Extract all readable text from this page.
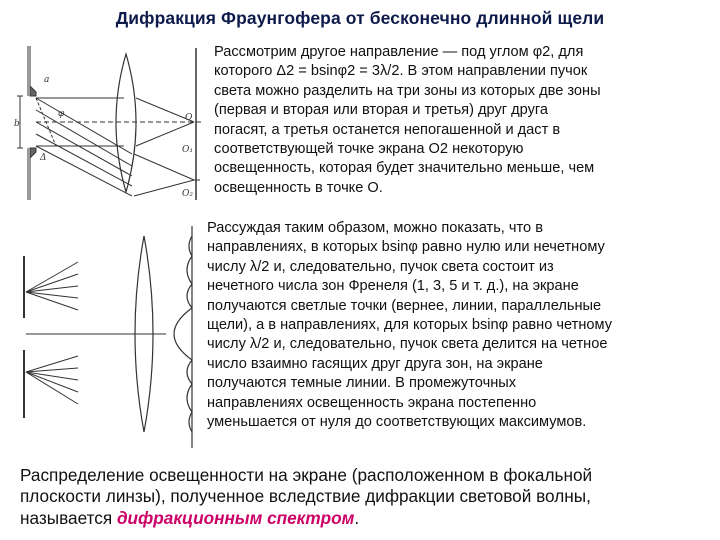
Дифракция Фраунгофера от бесконечно длинной щели
b
a
φ
Δ
O
O₁
O₂
Рассмотрим другое направление — под углом φ2, для
которого Δ2 = bsinφ2 = 3λ/2. В этом направлении пучок
света можно разделить на три зоны из которых две зоны
(первая и вторая или вторая и третья) друг друга
погасят, а третья останется непогашенной и даст в
соответствующей точке экрана О2 некоторую
освещенность, которая будет значительно меньше, чем
освещенность в точке О.
Рассуждая таким образом, можно показать, что в
направлениях, в которых bsinφ равно нулю или нечетному
числу λ/2 и, следовательно, пучок света состоит из
нечетного числа зон Френеля (1, 3, 5 и т. д.), на экране
получаются светлые точки (вернее, линии, параллельные
щели), а в направлениях, для которых bsinφ равно четному
числу λ/2 и, следовательно, пучок света делится на четное
число взаимно гасящих друг друга зон, на экране
получаются темные линии. В промежуточных
направлениях освещенность экрана постепенно
уменьшается от нуля до соответствующих максимумов.
Распределение освещенности на экране (расположенном в фокальной
плоскости линзы), полученное вследствие дифракции световой волны,
называется дифракционным спектром.
